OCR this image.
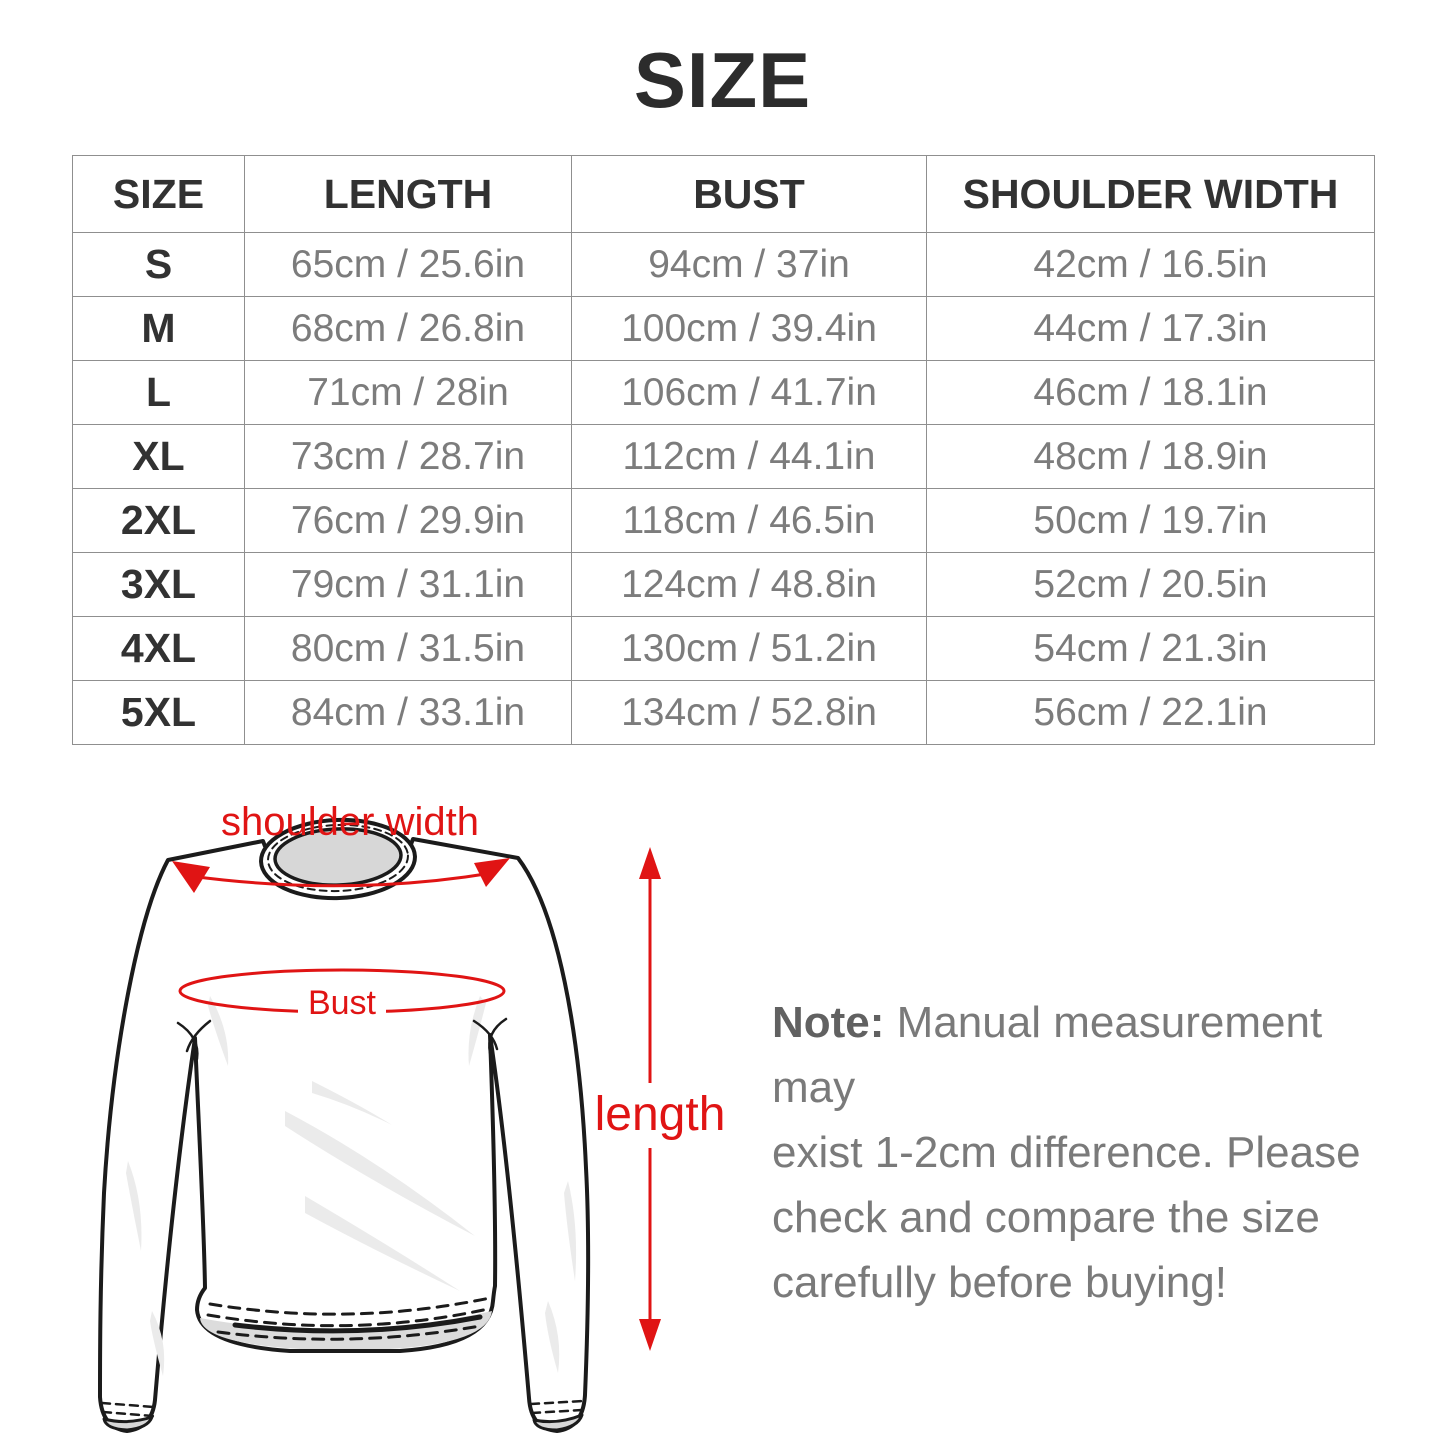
SIZE
SIZE	LENGTH	BUST	SHOULDER WIDTH
S	65cm / 25.6in	94cm / 37in	42cm / 16.5in
M	68cm / 26.8in	100cm / 39.4in	44cm / 17.3in
L	71cm / 28in	106cm / 41.7in	46cm / 18.1in
XL	73cm / 28.7in	112cm / 44.1in	48cm / 18.9in
2XL	76cm / 29.9in	118cm / 46.5in	50cm / 19.7in
3XL	79cm / 31.1in	124cm / 48.8in	52cm / 20.5in
4XL	80cm / 31.5in	130cm / 51.2in	54cm / 21.3in
5XL	84cm / 33.1in	134cm / 52.8in	56cm / 22.1in
shoulder width
Bust
length
Note: Manual measurement may
exist 1-2cm difference. Please
check and compare the size
carefully before buying!
